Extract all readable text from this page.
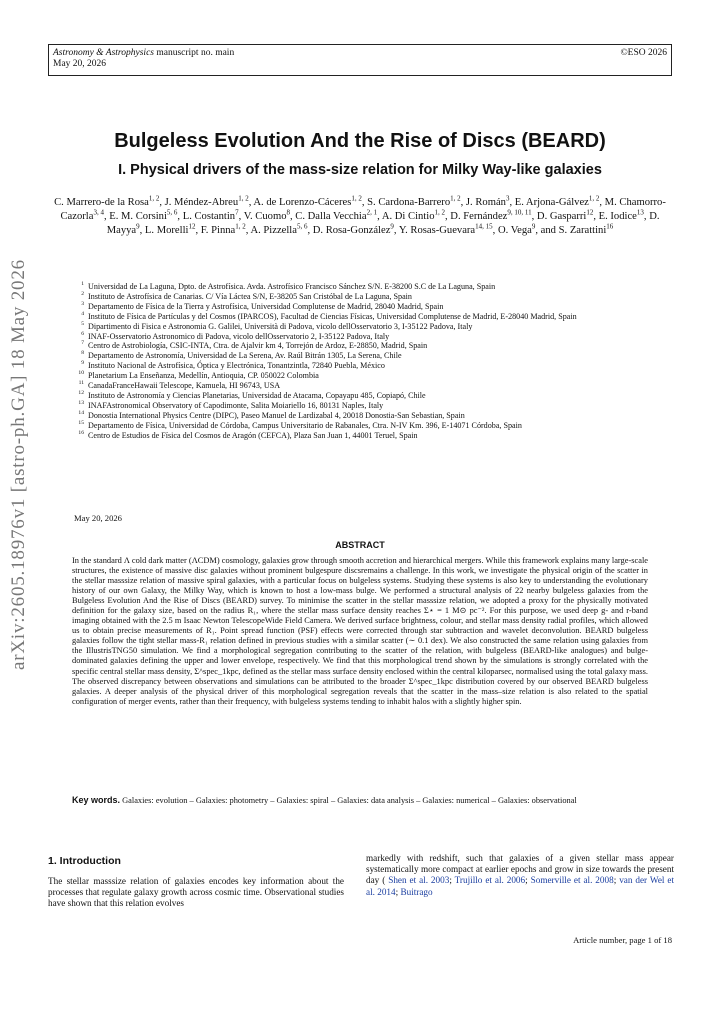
Astronomy & Astrophysics manuscript no. main
May 20, 2026
©ESO 2026
arXiv:2605.18976v1 [astro-ph.GA] 18 May 2026
Bulgeless Evolution And the Rise of Discs (BEARD)
I. Physical drivers of the mass-size relation for Milky Way-like galaxies
C. Marrero-de la Rosa$^{1, 2}$, J. Méndez-Abreu$^{1, 2}$, A. de Lorenzo-Cáceres$^{1, 2}$, S. Cardona-Barrero$^{1, 2}$, J. Román$^3$, E. Arjona-Gálvez$^{1, 2}$, M. Chamorro-Cazorla$^{3, 4}$, E. M. Corsini$^{5, 6}$, L. Costantin$^7$, V. Cuomo$^8$, C. Dalla Vecchia$^{2, 1}$, A. Di Cintio$^{1, 2}$, D. Fernández$^{9, 10, 11}$, D. Gasparri$^{12}$, E. Iodice$^{13}$, D. Mayya$^9$, L. Morelli$^{12}$, F. Pinna$^{1, 2}$, A. Pizzella$^{5, 6}$, D. Rosa-González$^9$, Y. Rosas-Guevara$^{14, 15}$, O. Vega$^9$, and S. Zarattini$^{16}$
1 Universidad de La Laguna, Dpto. de Astrofísica. Avda. Astrofísico Francisco Sánchez S/N. E-38200 S.C de La Laguna, Spain
2 Instituto de Astrofísica de Canarias. C/ Vía Láctea S/N, E-38205 San Cristóbal de La Laguna, Spain
3 Departamento de Física de la Tierra y Astrofísica, Universidad Complutense de Madrid, 28040 Madrid, Spain
4 Instituto de Física de Partículas y del Cosmos (IPARCOS), Facultad de Ciencias Físicas, Universidad Complutense de Madrid, E-28040 Madrid, Spain
5 Dipartimento di Fisica e Astronomia G. Galilei, Università di Padova, vicolo dellOsservatorio 3, I-35122 Padova, Italy
6 INAF-Osservatorio Astronomico di Padova, vicolo dellOsservatorio 2, I-35122 Padova, Italy
7 Centro de Astrobiología, CSIC-INTA, Ctra. de Ajalvir km 4, Torrejón de Ardoz, E-28850, Madrid, Spain
8 Departamento de Astronomía, Universidad de La Serena, Av. Raúl Bitrán 1305, La Serena, Chile
9 Instituto Nacional de Astrofísica, Óptica y Electrónica, Tonantzintla, 72840 Puebla, México
10 Planetarium La Enseñanza, Medellín, Antioquia, CP. 050022 Colombia
11 CanadaFranceHawaii Telescope, Kamuela, HI 96743, USA
12 Instituto de Astronomía y Ciencias Planetarias, Universidad de Atacama, Copayapu 485, Copiapó, Chile
13 INAFAstronomical Observatory of Capodimonte, Salita Moiariello 16, 80131 Naples, Italy
14 Donostia International Physics Centre (DIPC), Paseo Manuel de Lardizabal 4, 20018 Donostia-San Sebastian, Spain
15 Departamento de Física, Universidad de Córdoba, Campus Universitario de Rabanales, Ctra. N-IV Km. 396, E-14071 Córdoba, Spain
16 Centro de Estudios de Física del Cosmos de Aragón (CEFCA), Plaza San Juan 1, 44001 Teruel, Spain
May 20, 2026
ABSTRACT
In the standard Λ cold dark matter (ΛCDM) cosmology, galaxies grow through smooth accretion and hierarchical mergers. While this framework explains many large-scale structures, the existence of massive disc galaxies without prominent bulgespure discsremains a challenge. In this work, we investigate the physical origin of the scatter in the stellar masssize relation of massive spiral galaxies, with a particular focus on bulgeless systems. Studying these systems is also key to understanding the evolutionary history of our own Galaxy, the Milky Way, which is known to host a low-mass bulge. We performed a structural analysis of 22 nearby bulgeless galaxies from the Bulgeless Evolution And the Rise of Discs (BEARD) survey. To minimise the scatter in the stellar masssize relation, we adopted a proxy for the physically motivated definition for the galaxy size, based on the radius R₁, where the stellar mass surface density reaches Σ⋆ = 1 M⊙ pc⁻². For this purpose, we used deep g- and r-band imaging obtained with the 2.5 m Isaac Newton TelescopeWide Field Camera. We derived surface brightness, colour, and stellar mass density radial profiles, which allowed us to obtain precise measurements of R₁. Point spread function (PSF) effects were corrected through star subtraction and wavelet deconvolution. BEARD bulgeless galaxies follow the tight stellar mass-R₁ relation defined in previous studies with a similar scatter (∼ 0.1 dex). We also constructed the same relation using galaxies from the IllustrisTNG50 simulation. We find a morphological segregation contributing to the scatter of the relation, with bulgeless (BEARD-like analogues) and bulge-dominated galaxies defining the upper and lower envelope, respectively. We find that this morphological trend shown by the simulations is strongly correlated with the specific central stellar mass density, Σ^spec_1kpc, defined as the stellar mass surface density enclosed within the central kiloparsec, normalised using the total galaxy mass. The observed discrepancy between observations and simulations can be attributed to the broader Σ^spec_1kpc distribution covered by our observed BEARD bulgeless galaxies. A deeper analysis of the physical driver of this morphological segregation reveals that the scatter in the mass–size relation is also related to the spatial configuration of merger events, rather than their frequency, with bulgeless systems tending to inhabit halos with a slightly higher spin.
Key words. Galaxies: evolution – Galaxies: photometry – Galaxies: spiral – Galaxies: data analysis – Galaxies: numerical – Galaxies: observational
1. Introduction
The stellar masssize relation of galaxies encodes key information about the processes that regulate galaxy growth across cosmic time. Observational studies have shown that this relation evolves
markedly with redshift, such that galaxies of a given stellar mass appear systematically more compact at earlier epochs and grow in size towards the present day ( Shen et al. 2003; Trujillo et al. 2006; Somerville et al. 2008; van der Wel et al. 2014; Buitrago
Article number, page 1 of 18
